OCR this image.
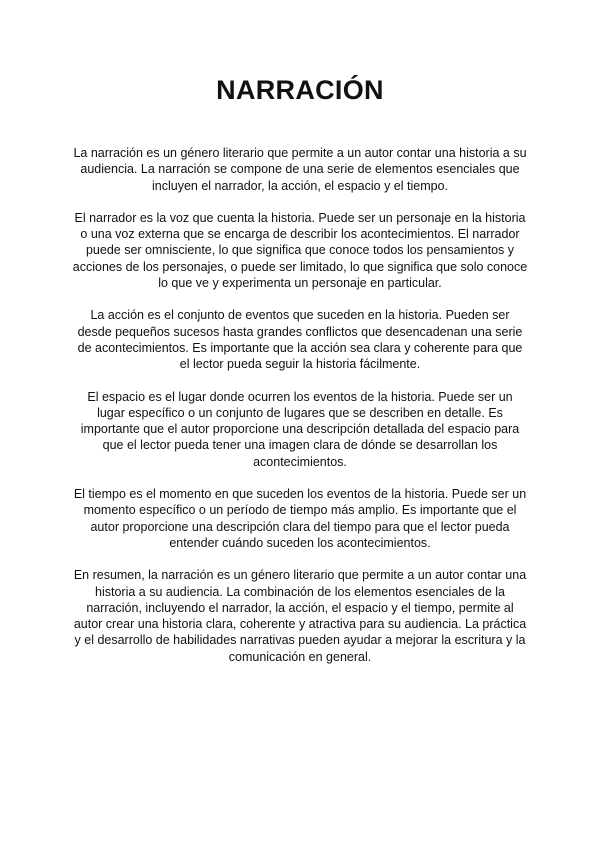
NARRACIÓN

La narración es un género literario que permite a un autor contar una historia a su audiencia. La narración se compone de una serie de elementos esenciales que incluyen el narrador, la acción, el espacio y el tiempo.

El narrador es la voz que cuenta la historia. Puede ser un personaje en la historia o una voz externa que se encarga de describir los acontecimientos. El narrador puede ser omnisciente, lo que significa que conoce todos los pensamientos y acciones de los personajes, o puede ser limitado, lo que significa que solo conoce lo que ve y experimenta un personaje en particular.

La acción es el conjunto de eventos que suceden en la historia. Pueden ser desde pequeños sucesos hasta grandes conflictos que desencadenan una serie de acontecimientos. Es importante que la acción sea clara y coherente para que el lector pueda seguir la historia fácilmente.

El espacio es el lugar donde ocurren los eventos de la historia. Puede ser un lugar específico o un conjunto de lugares que se describen en detalle. Es importante que el autor proporcione una descripción detallada del espacio para que el lector pueda tener una imagen clara de dónde se desarrollan los acontecimientos.

El tiempo es el momento en que suceden los eventos de la historia. Puede ser un momento específico o un período de tiempo más amplio. Es importante que el autor proporcione una descripción clara del tiempo para que el lector pueda entender cuándo suceden los acontecimientos.

En resumen, la narración es un género literario que permite a un autor contar una historia a su audiencia. La combinación de los elementos esenciales de la narración, incluyendo el narrador, la acción, el espacio y el tiempo, permite al autor crear una historia clara, coherente y atractiva para su audiencia. La práctica y el desarrollo de habilidades narrativas pueden ayudar a mejorar la escritura y la comunicación en general.
